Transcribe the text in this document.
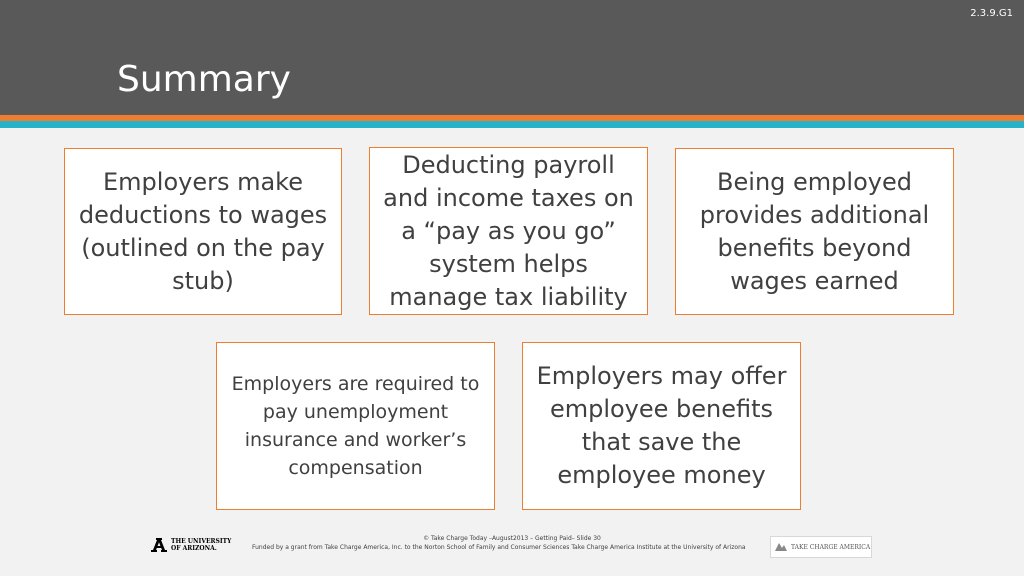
2.3.9.G1
Summary
Employers make deductions to wages (outlined on the pay stub)
Deducting payroll and income taxes on a “pay as you go” system helps manage tax liability
Being employed provides additional benefits beyond wages earned
Employers are required to pay unemployment insurance and worker’s compensation
Employers may offer employee benefits that save the employee money
THE UNIVERSITY
OF ARIZONA.
© Take Charge Today –August2013 – Getting Paid– Slide 30
Funded by a grant from Take Charge America, Inc. to the Norton School of Family and Consumer Sciences Take Charge America Institute at the University of Arizona	TAKE CHARGE AMERICA
